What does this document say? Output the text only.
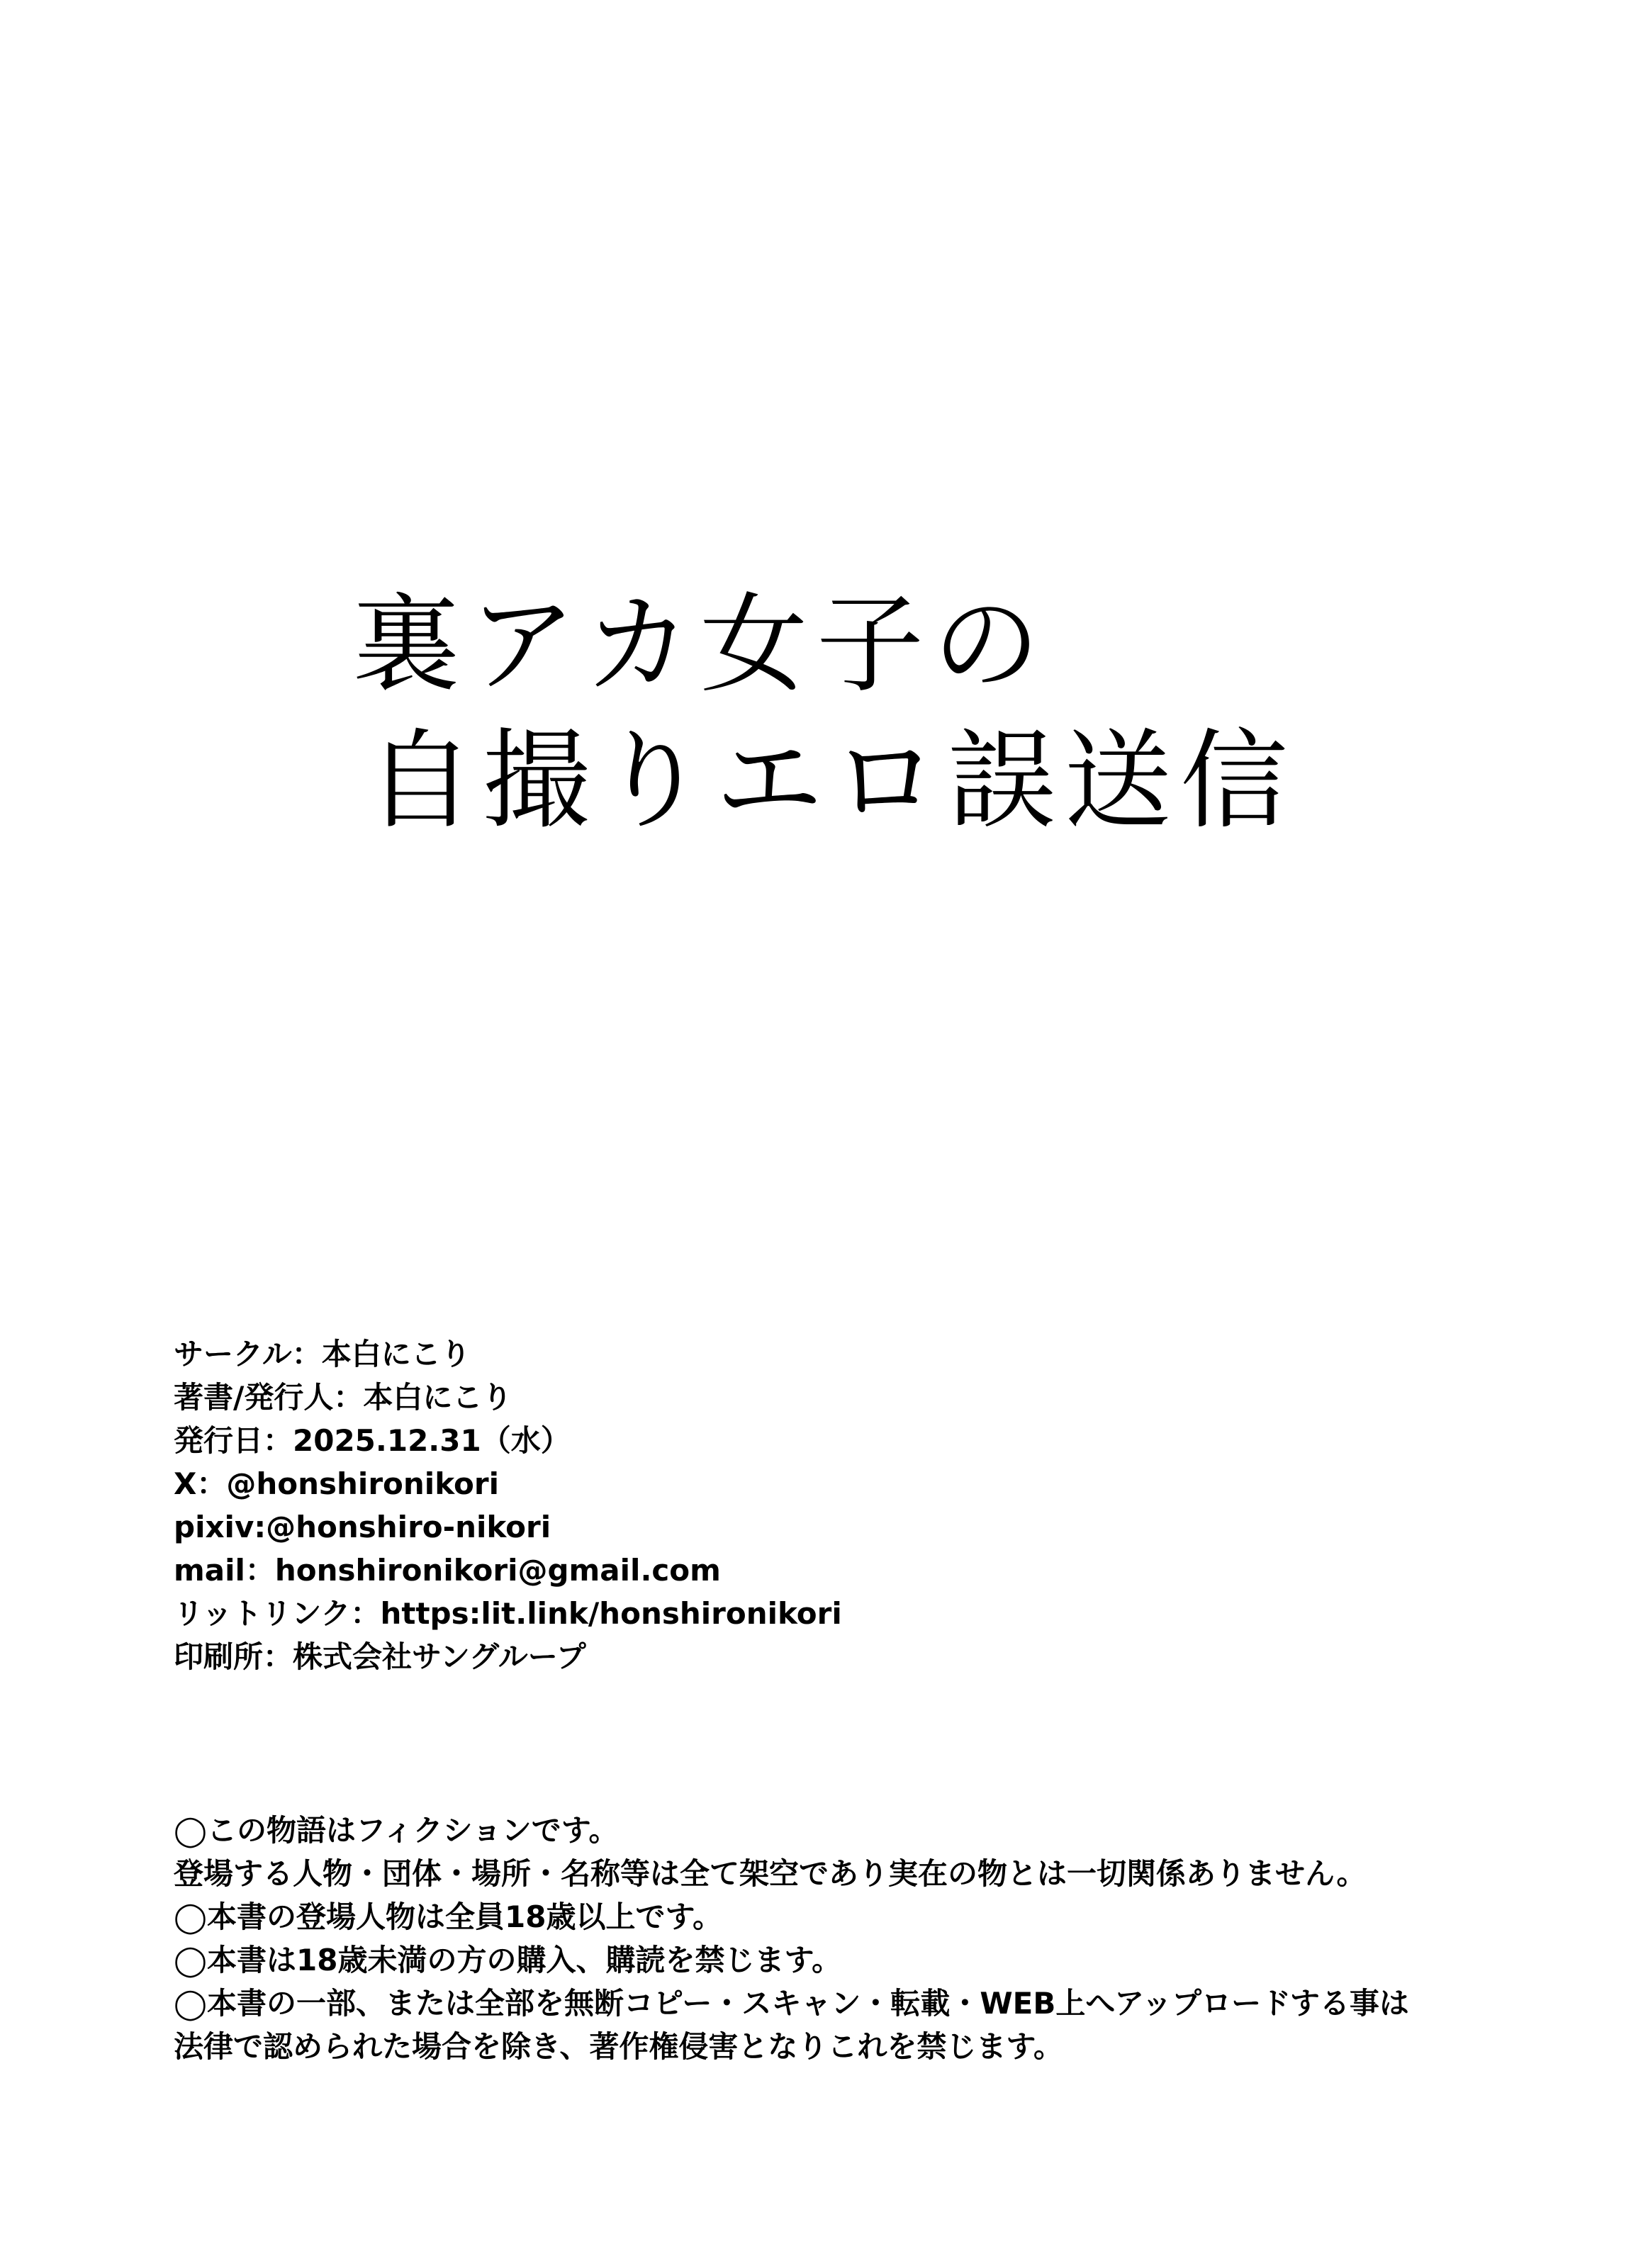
裏アカ女子の
自撮りエロ誤送信
サークル：本白にこり
著書/発行人：本白にこり
発行日：2025.12.31（水）
X：@honshironikori
pixiv:@honshiro-nikori
mail：honshironikori@gmail.com
リットリンク：https:lit.link/honshironikori
印刷所：株式会社サングループ
◯この物語はフィクションです。
登場する人物・団体・場所・名称等は全て架空であり実在の物とは一切関係ありません。
◯本書の登場人物は全員18歳以上です。
◯本書は18歳未満の方の購入、購読を禁じます。
◯本書の一部、または全部を無断コピー・スキャン・転載・WEB上へアップロードする事は
法律で認められた場合を除き、著作権侵害となりこれを禁じます。
